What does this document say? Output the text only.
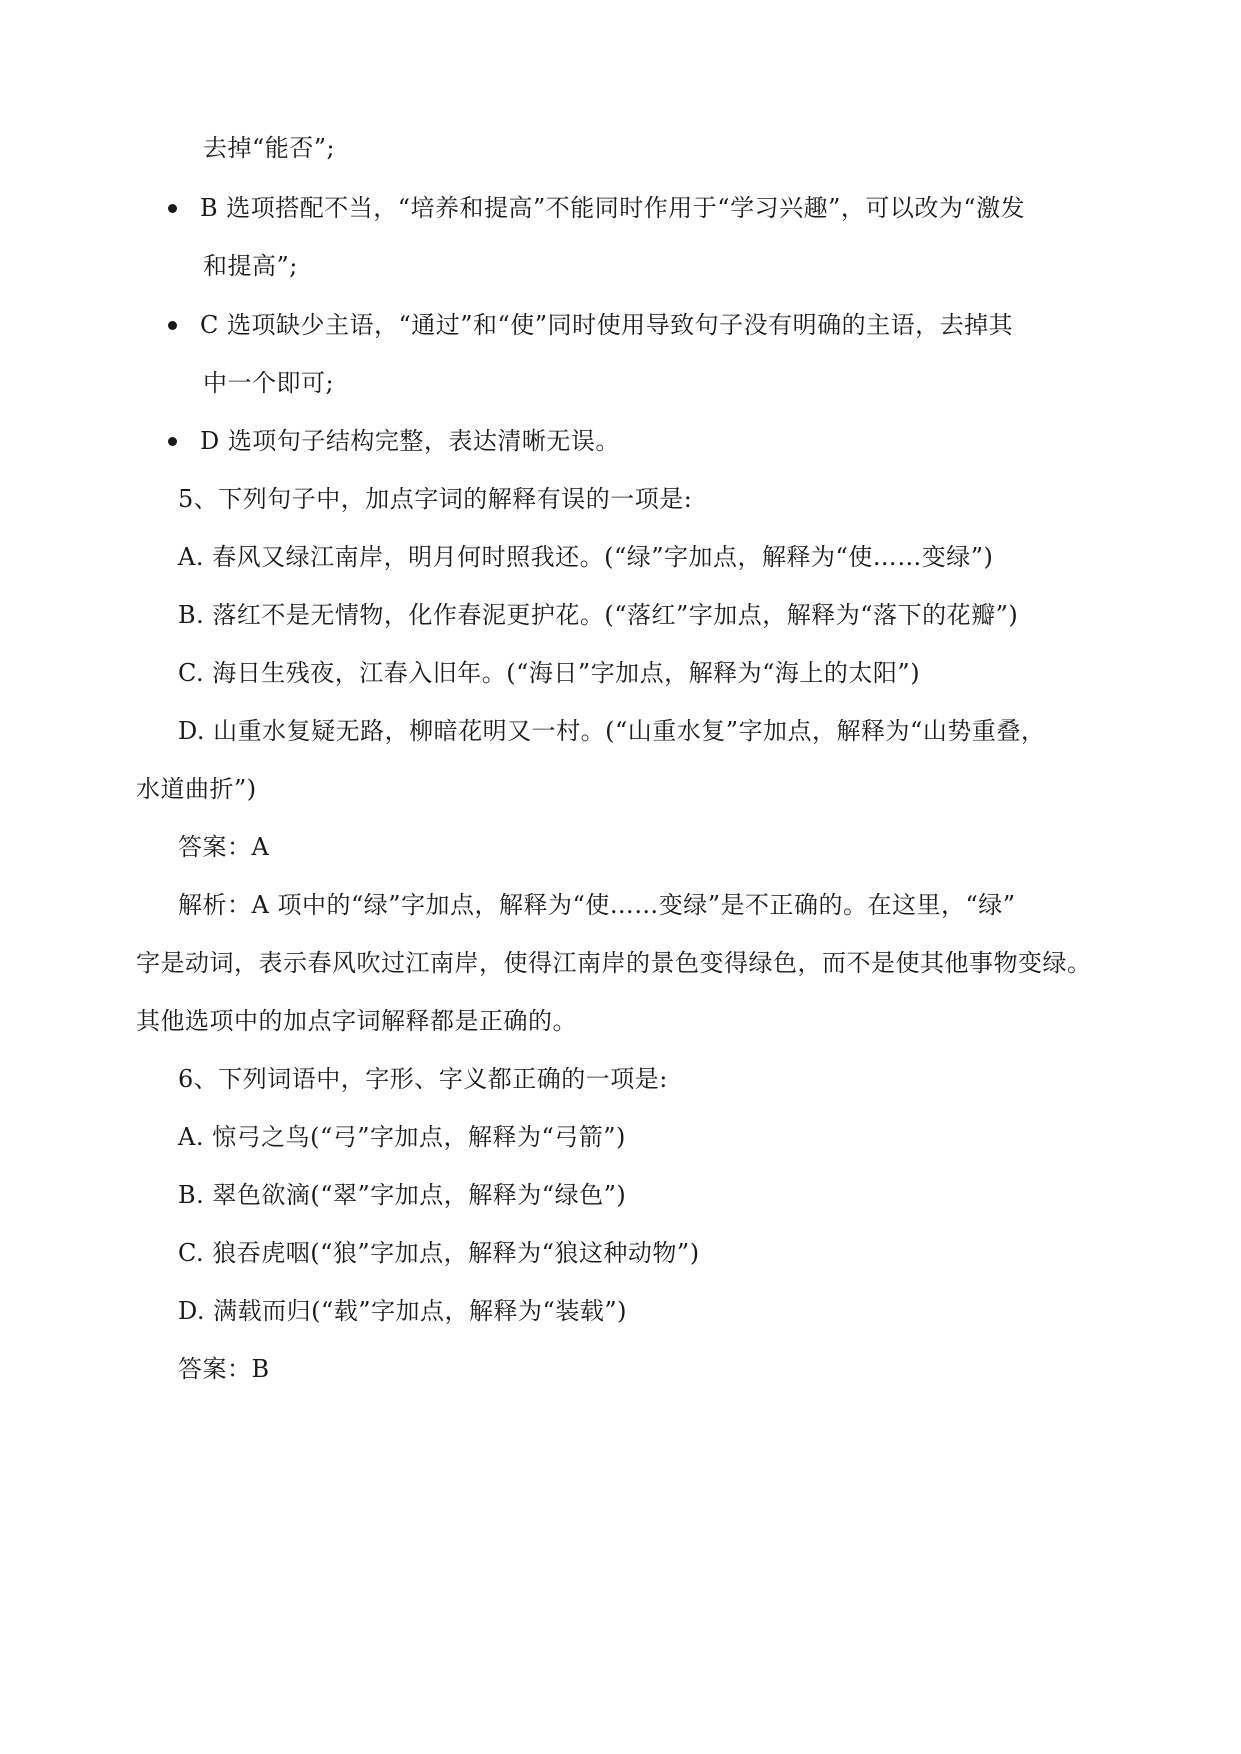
去掉“能否”;
B 选项搭配不当，“培养和提高”不能同时作用于“学习兴趣”，可以改为“激发
和提高”;
C 选项缺少主语，“通过”和“使”同时使用导致句子没有明确的主语，去掉其
中一个即可;
D 选项句子结构完整，表达清晰无误。
5、下列句子中，加点字词的解释有误的一项是:
A. 春风又绿江南岸，明月何时照我还。(“绿”字加点，解释为“使……变绿”)
B. 落红不是无情物，化作春泥更护花。(“落红”字加点，解释为“落下的花瓣”)
C. 海日生残夜，江春入旧年。(“海日”字加点，解释为“海上的太阳”)
D. 山重水复疑无路，柳暗花明又一村。(“山重水复”字加点，解释为“山势重叠，
水道曲折”)
答案：A
解析：A 项中的“绿”字加点，解释为“使……变绿”是不正确的。在这里，“绿”
字是动词，表示春风吹过江南岸，使得江南岸的景色变得绿色，而不是使其他事物变绿。
其他选项中的加点字词解释都是正确的。
6、下列词语中，字形、字义都正确的一项是:
A. 惊弓之鸟(“弓”字加点，解释为“弓箭”)
B. 翠色欲滴(“翠”字加点，解释为“绿色”)
C. 狼吞虎咽(“狼”字加点，解释为“狼这种动物”)
D. 满载而归(“载”字加点，解释为“装载”)
答案：B
